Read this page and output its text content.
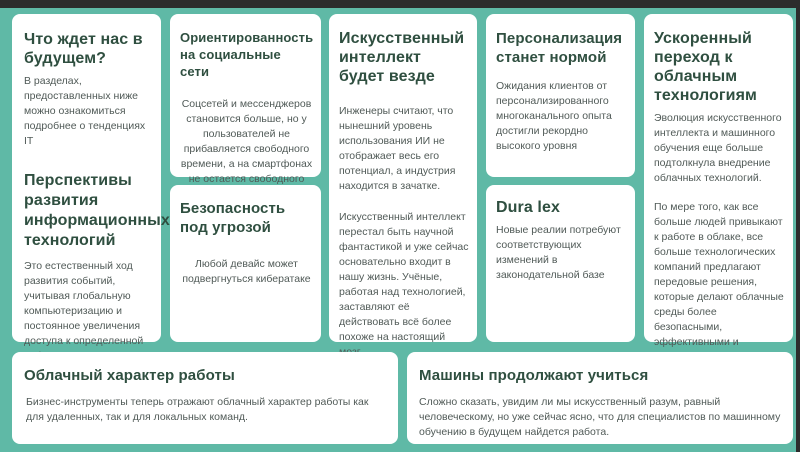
Что ждет нас в будущем?
В разделах, предоставленных ниже можно ознакомиться подробнее о тенденциях IT
Перспективы развития информационных технологий
Это естественный ход развития событий, учитывая глобальную компьютеризацию и постоянное увеличения доступа к определенной
Ориентированность на социальные сети
Соцсетей и мессенджеров становится больше, но у пользователей не прибавляется свободного времени, а на смартфонах не остается свободного
Безопасность под угрозой
Любой девайс может подвергнуться кибератаке
Искусственный интеллект будет везде
Инженеры считают, что нынешний уровень использования ИИ не отображает весь его потенциал, а индустрия находится в зачатке.
Искусственный интеллект перестал быть научной фантастикой и уже сейчас основательно входит в нашу жизнь. Учёные, работая над технологией, заставляют её действовать всё более похоже на настоящий
Персонализация станет нормой
Ожидания клиентов от персонализированного многоканального опыта достигли рекордно высокого уровня
Dura lex
Новые реалии потребуют соответствующих изменений в законодательной базе
Ускоренный переход к облачным технологиям
Эволюция искусственного интеллекта и машинного обучения еще больше подтолкнула внедрение облачных технологий.
По мере того, как все больше людей привыкают к работе в облаке, все больше технологических компаний предлагают передовые решения, которые делают облачные среды более безопасными, эффективными и
Облачный характер работы
Бизнес-инструменты теперь отражают облачный характер работы как для удаленных, так и для локальных команд.
Машины продолжают учиться
Сложно сказать, увидим ли мы искусственный разум, равный человеческому, но уже сейчас ясно, что для специалистов по машинному обучению в будущем найдется работа.
